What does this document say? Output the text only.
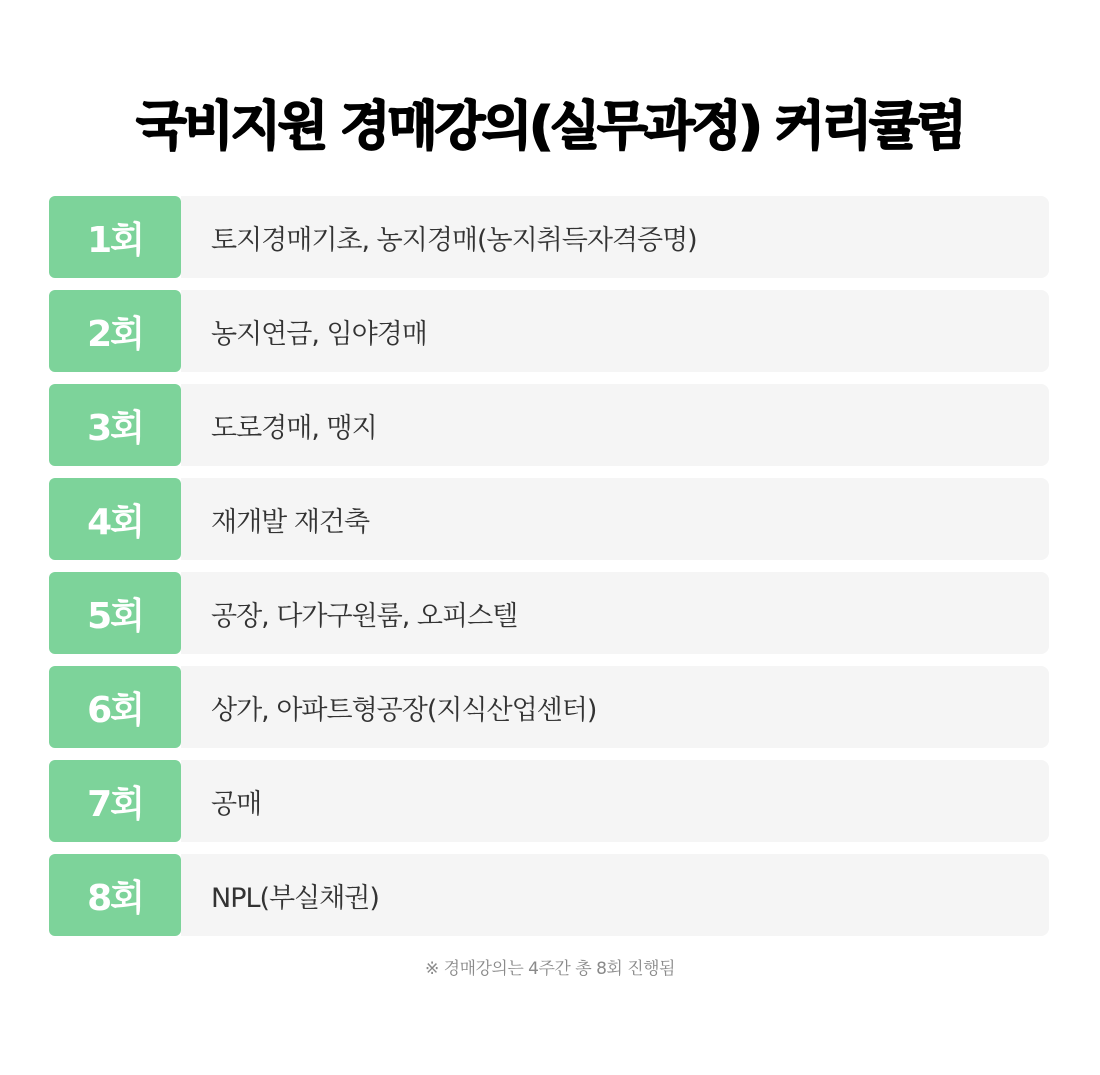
국비지원 경매강의(실무과정) 커리큘럼
1회	토지경매기초, 농지경매(농지취득자격증명)
2회	농지연금, 임야경매
3회	도로경매, 맹지
4회	재개발 재건축
5회	공장, 다가구원룸, 오피스텔
6회	상가, 아파트형공장(지식산업센터)
7회	공매
8회	NPL(부실채권)
※ 경매강의는 4주간 총 8회 진행됨
